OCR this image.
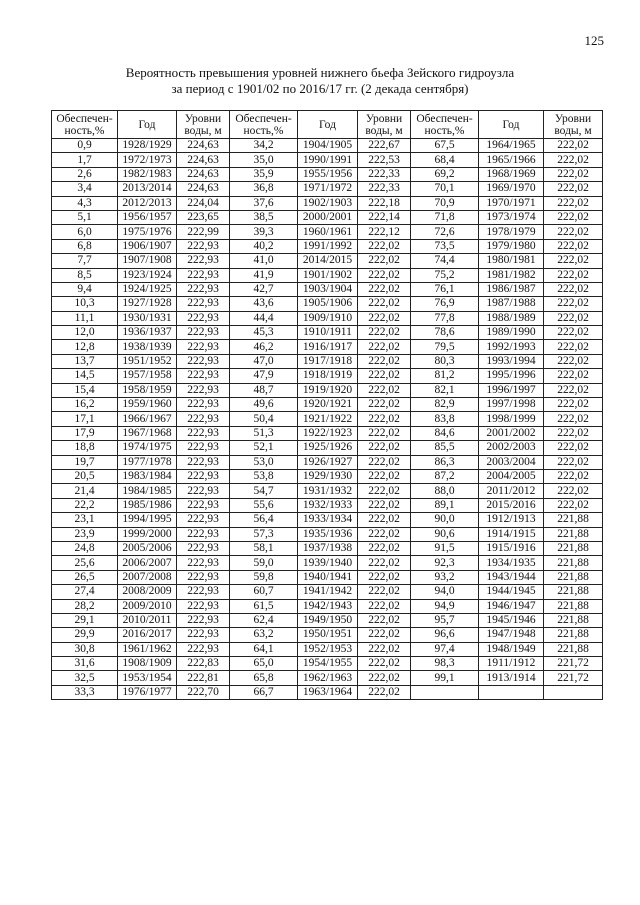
125
Вероятность превышения уровней нижнего бьефа Зейского гидроузла
за период с 1901/02 по 2016/17 гг. (2 декада сентября)
Обеспечен-ность,%	Год	Уровни воды, м	Обеспечен-ность,%	Год	Уровни воды, м	Обеспечен-ность,%	Год	Уровни воды, м
0,9	1928/1929	224,63	34,2	1904/1905	222,67	67,5	1964/1965	222,02
1,7	1972/1973	224,63	35,0	1990/1991	222,53	68,4	1965/1966	222,02
2,6	1982/1983	224,63	35,9	1955/1956	222,33	69,2	1968/1969	222,02
3,4	2013/2014	224,63	36,8	1971/1972	222,33	70,1	1969/1970	222,02
4,3	2012/2013	224,04	37,6	1902/1903	222,18	70,9	1970/1971	222,02
5,1	1956/1957	223,65	38,5	2000/2001	222,14	71,8	1973/1974	222,02
6,0	1975/1976	222,99	39,3	1960/1961	222,12	72,6	1978/1979	222,02
6,8	1906/1907	222,93	40,2	1991/1992	222,02	73,5	1979/1980	222,02
7,7	1907/1908	222,93	41,0	2014/2015	222,02	74,4	1980/1981	222,02
8,5	1923/1924	222,93	41,9	1901/1902	222,02	75,2	1981/1982	222,02
9,4	1924/1925	222,93	42,7	1903/1904	222,02	76,1	1986/1987	222,02
10,3	1927/1928	222,93	43,6	1905/1906	222,02	76,9	1987/1988	222,02
11,1	1930/1931	222,93	44,4	1909/1910	222,02	77,8	1988/1989	222,02
12,0	1936/1937	222,93	45,3	1910/1911	222,02	78,6	1989/1990	222,02
12,8	1938/1939	222,93	46,2	1916/1917	222,02	79,5	1992/1993	222,02
13,7	1951/1952	222,93	47,0	1917/1918	222,02	80,3	1993/1994	222,02
14,5	1957/1958	222,93	47,9	1918/1919	222,02	81,2	1995/1996	222,02
15,4	1958/1959	222,93	48,7	1919/1920	222,02	82,1	1996/1997	222,02
16,2	1959/1960	222,93	49,6	1920/1921	222,02	82,9	1997/1998	222,02
17,1	1966/1967	222,93	50,4	1921/1922	222,02	83,8	1998/1999	222,02
17,9	1967/1968	222,93	51,3	1922/1923	222,02	84,6	2001/2002	222,02
18,8	1974/1975	222,93	52,1	1925/1926	222,02	85,5	2002/2003	222,02
19,7	1977/1978	222,93	53,0	1926/1927	222,02	86,3	2003/2004	222,02
20,5	1983/1984	222,93	53,8	1929/1930	222,02	87,2	2004/2005	222,02
21,4	1984/1985	222,93	54,7	1931/1932	222,02	88,0	2011/2012	222,02
22,2	1985/1986	222,93	55,6	1932/1933	222,02	89,1	2015/2016	222,02
23,1	1994/1995	222,93	56,4	1933/1934	222,02	90,0	1912/1913	221,88
23,9	1999/2000	222,93	57,3	1935/1936	222,02	90,6	1914/1915	221,88
24,8	2005/2006	222,93	58,1	1937/1938	222,02	91,5	1915/1916	221,88
25,6	2006/2007	222,93	59,0	1939/1940	222,02	92,3	1934/1935	221,88
26,5	2007/2008	222,93	59,8	1940/1941	222,02	93,2	1943/1944	221,88
27,4	2008/2009	222,93	60,7	1941/1942	222,02	94,0	1944/1945	221,88
28,2	2009/2010	222,93	61,5	1942/1943	222,02	94,9	1946/1947	221,88
29,1	2010/2011	222,93	62,4	1949/1950	222,02	95,7	1945/1946	221,88
29,9	2016/2017	222,93	63,2	1950/1951	222,02	96,6	1947/1948	221,88
30,8	1961/1962	222,93	64,1	1952/1953	222,02	97,4	1948/1949	221,88
31,6	1908/1909	222,83	65,0	1954/1955	222,02	98,3	1911/1912	221,72
32,5	1953/1954	222,81	65,8	1962/1963	222,02	99,1	1913/1914	221,72
33,3	1976/1977	222,70	66,7	1963/1964	222,02			
